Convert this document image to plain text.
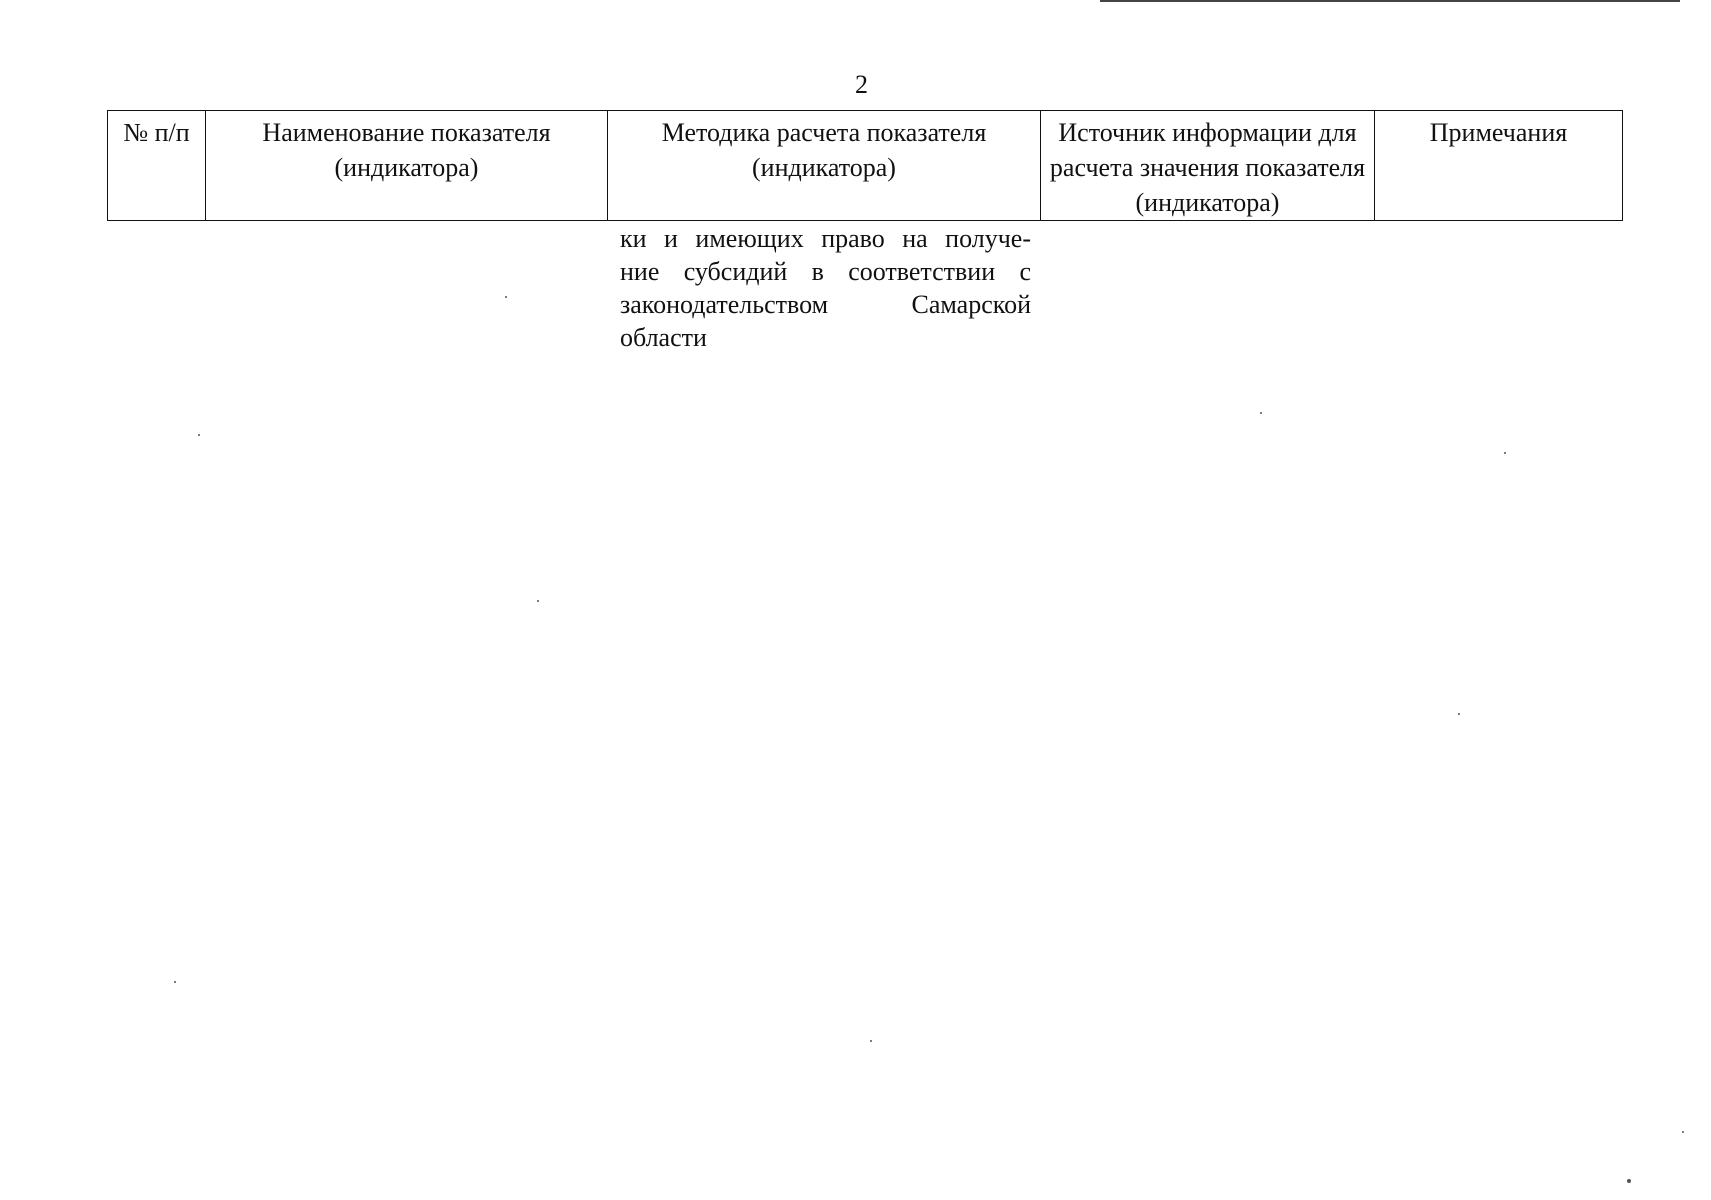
2
№ п/п	Наименование показателя (индикатора)	Методика расчета показателя (индикатора)	Источник информации для расчета значения показателя (индикатора)	Примечания
ки и имеющих право на получе-
ние субсидий в соответствии с
законодательством Самарской
области
